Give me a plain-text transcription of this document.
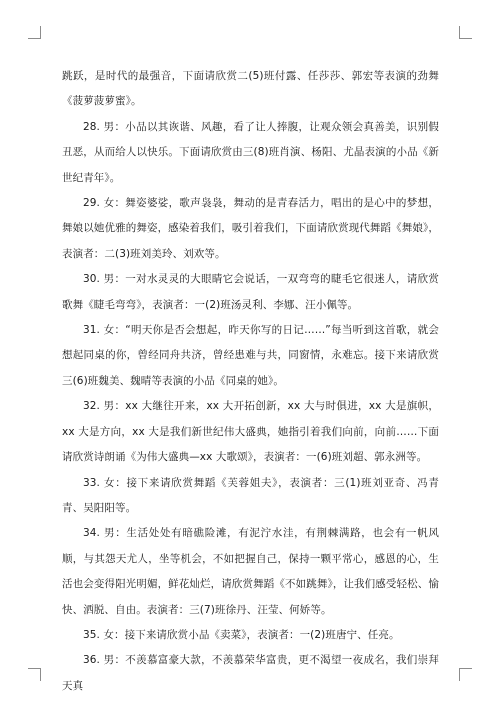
跳跃，是时代的最强音，下面请欣赏二(5)班付露、任莎莎、郭宏等表演的劲舞《菠萝菠萝蜜》。

28. 男：小品以其诙谐、风趣，看了让人捧腹，让观众领会真善美，识别假丑恶，从而给人以快乐。下面请欣赏由三(8)班肖演、杨阳、尤晶表演的小品《新世纪青年》。

29. 女：舞姿婆娑，歌声袅袅，舞动的是青春活力，唱出的是心中的梦想，舞娘以她优雅的舞姿，感染着我们，吸引着我们，下面请欣赏现代舞蹈《舞娘》，表演者：二(3)班刘美玲、刘欢等。

30. 男：一对水灵灵的大眼睛它会说话，一双弯弯的睫毛它很迷人，请欣赏歌舞《睫毛弯弯》，表演者：一(2)班汤灵利、李娜、汪小佩等。

31. 女：“明天你是否会想起，昨天你写的日记……”每当听到这首歌，就会想起同桌的你，曾经同舟共济，曾经患难与共，同窗情，永难忘。接下来请欣赏三(6)班魏美、魏晴等表演的小品《同桌的她》。

32. 男：xx 大继往开来，xx 大开拓创新，xx 大与时俱进，xx 大是旗帜，xx 大是方向，xx 大是我们新世纪伟大盛典，她指引着我们向前，向前……下面请欣赏诗朗诵《为伟大盛典—xx 大歌颂》，表演者：一(6)班刘超、郭永洲等。

33. 女：接下来请欣赏舞蹈《芙蓉姐夫》，表演者：三(1)班刘亚奇、冯青青、吴阳阳等。

34. 男：生活处处有暗礁险滩，有泥泞水洼，有荆棘满路，也会有一帆风顺，与其怨天尤人，坐等机会，不如把握自己，保持一颗平常心，感恩的心，生活也会变得阳光明媚，鲜花灿烂，请欣赏舞蹈《不如跳舞》，让我们感受轻松、愉快、洒脱、自由。表演者：三(7)班徐丹、汪莹、何娇等。

35. 女：接下来请欣赏小品《卖菜》，表演者：一(2)班唐宁、任亮。

36. 男：不羡慕富豪大款，不羡慕荣华富贵，更不渴望一夜成名，我们崇拜天真
